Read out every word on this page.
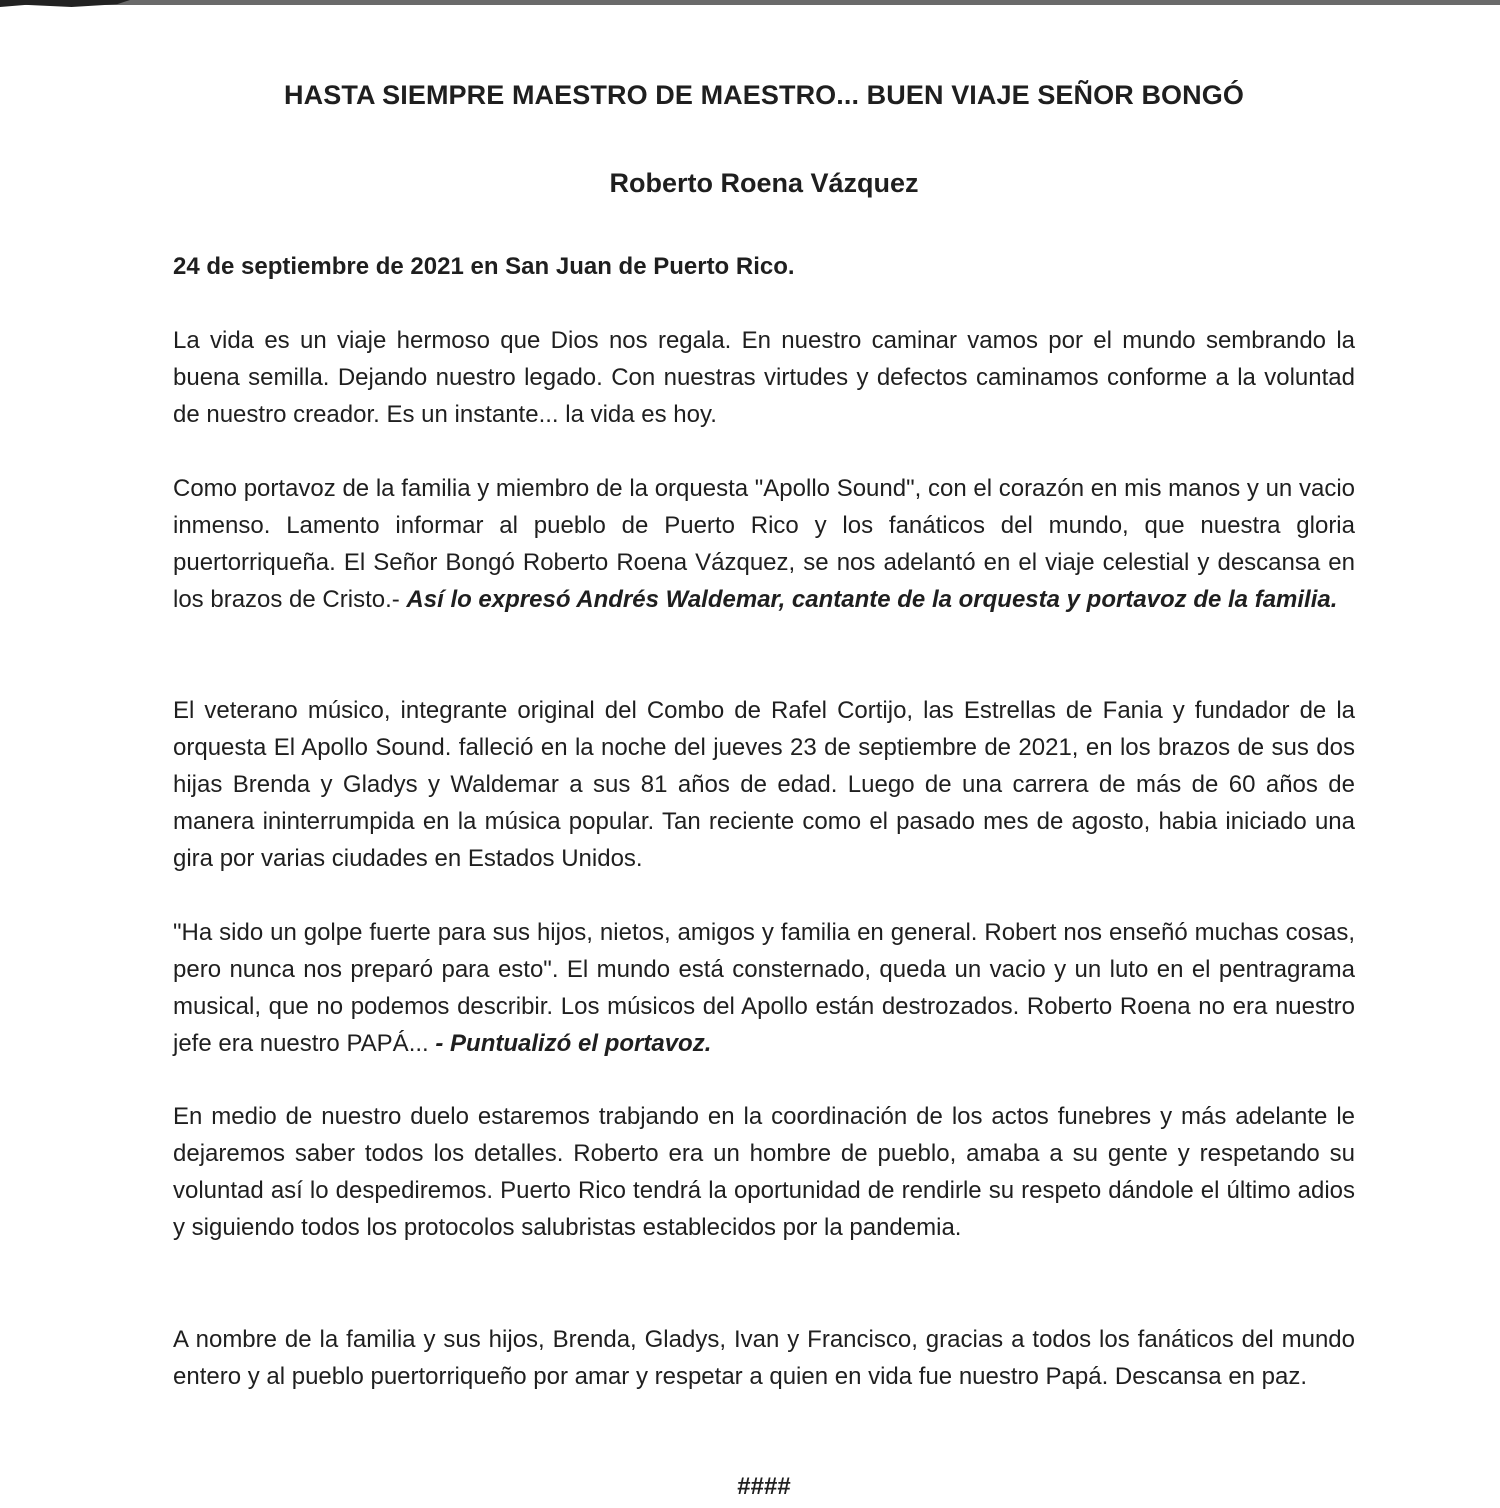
HASTA SIEMPRE MAESTRO DE MAESTRO... BUEN VIAJE SEÑOR BONGÓ
Roberto Roena Vázquez
24 de septiembre de 2021 en San Juan de Puerto Rico.

La vida es un viaje hermoso que Dios nos regala. En nuestro caminar vamos por el mundo sembrando la buena semilla. Dejando nuestro legado. Con nuestras virtudes y defectos caminamos conforme a la voluntad de nuestro creador. Es un instante... la vida es hoy.

Como portavoz de la familia y miembro de la orquesta "Apollo Sound", con el corazón en mis manos y un vacio inmenso. Lamento informar al pueblo de Puerto Rico y los fanáticos del mundo, que nuestra gloria puertorriqueña. El Señor Bongó Roberto Roena Vázquez, se nos adelantó en el viaje celestial y descansa en los brazos de Cristo.- Así lo expresó Andrés Waldemar, cantante de la orquesta y portavoz de la familia.

El veterano músico, integrante original del Combo de Rafel Cortijo, las Estrellas de Fania y fundador de la orquesta El Apollo Sound. falleció en la noche del jueves 23 de septiembre de 2021, en los brazos de sus dos hijas Brenda y Gladys y Waldemar a sus 81 años de edad. Luego de una carrera de más de 60 años de manera ininterrumpida en la música popular. Tan reciente como el pasado mes de agosto, habia iniciado una gira por varias ciudades en Estados Unidos.

"Ha sido un golpe fuerte para sus hijos, nietos, amigos y familia en general. Robert nos enseñó muchas cosas, pero nunca nos preparó para esto". El mundo está consternado, queda un vacio y un luto en el pentragrama musical, que no podemos describir. Los músicos del Apollo están destrozados. Roberto Roena no era nuestro jefe era nuestro PAPÁ... - Puntualizó el portavoz.

En medio de nuestro duelo estaremos trabjando en la coordinación de los actos funebres y más adelante le dejaremos saber todos los detalles. Roberto era un hombre de pueblo, amaba a su gente y respetando su voluntad así lo despediremos. Puerto Rico tendrá la oportunidad de rendirle su respeto dándole el último adios y siguiendo todos los protocolos salubristas establecidos por la pandemia.

A nombre de la familia y sus hijos, Brenda, Gladys, Ivan y Francisco, gracias a todos los fanáticos del mundo entero y al pueblo puertorriqueño por amar y respetar a quien en vida fue nuestro Papá. Descansa en paz.

####
